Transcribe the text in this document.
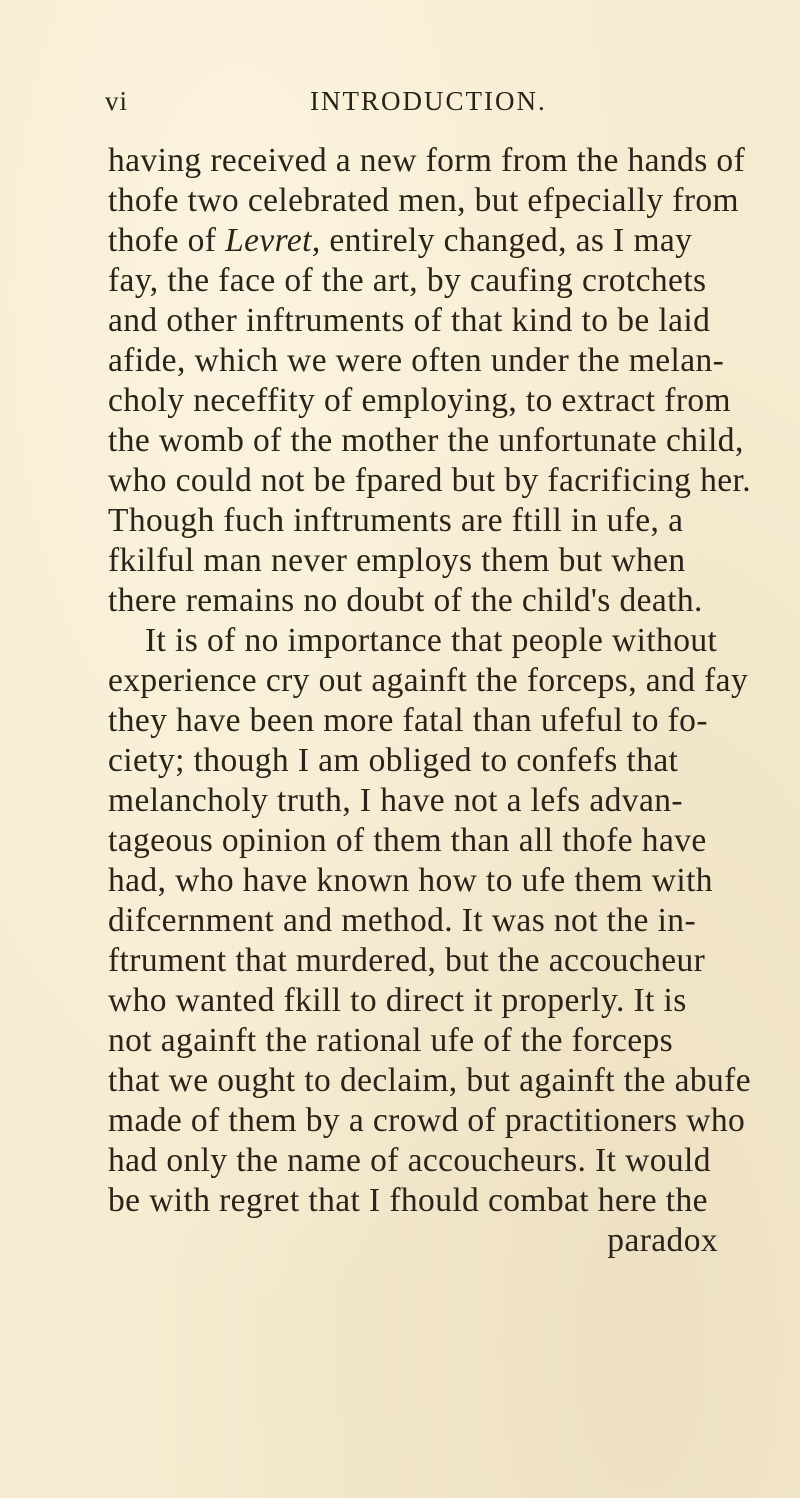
vi	INTRODUCTION.
having received a new form from the hands of
thofe two celebrated men, but efpecially from
thofe of Levret, entirely changed, as I may
fay, the face of the art, by caufing crotchets
and other inftruments of that kind to be laid
afide, which we were often under the melan-
choly neceffity of employing, to extract from
the womb of the mother the unfortunate child,
who could not be fpared but by facrificing her.
Though fuch inftruments are ftill in ufe, a
fkilful man never employs them but when
there remains no doubt of the child's death.
It is of no importance that people without
experience cry out againft the forceps, and fay
they have been more fatal than ufeful to fo-
ciety; though I am obliged to confefs that
melancholy truth, I have not a lefs advan-
tageous opinion of them than all thofe have
had, who have known how to ufe them with
difcernment and method. It was not the in-
ftrument that murdered, but the accoucheur
who wanted fkill to direct it properly. It is
not againft the rational ufe of the forceps
that we ought to declaim, but againft the abufe
made of them by a crowd of practitioners who
had only the name of accoucheurs. It would
be with regret that I fhould combat here the
paradox
